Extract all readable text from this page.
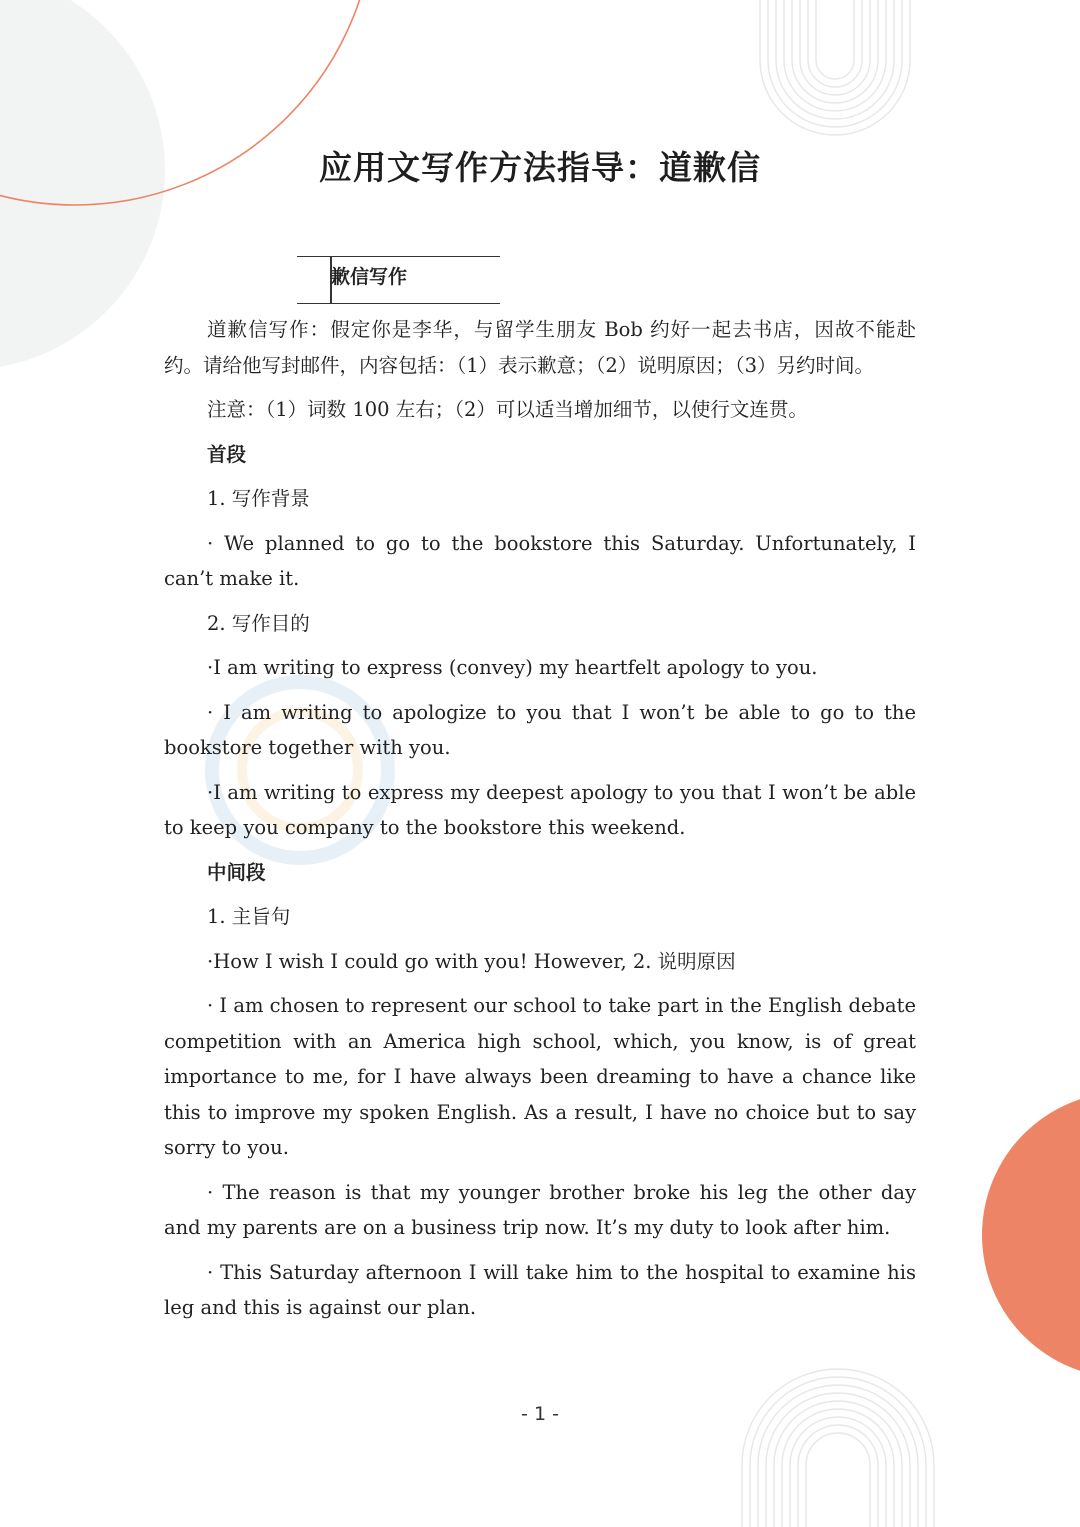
应用文写作方法指导：道歉信
歉信写作

道歉信写作：假定你是李华，与留学生朋友 Bob 约好一起去书店，因故不能赴约。请给他写封邮件，内容包括：（1）表示歉意；（2）说明原因；（3）另约时间。

注意：（1）词数 100 左右；（2）可以适当增加细节，以使行文连贯。

首段

1. 写作背景

· We planned to go to the bookstore this Saturday. Unfortunately, I can’t make it.

2. 写作目的

·I am writing to express (convey) my heartfelt apology to you.

· I am writing to apologize to you that I won’t be able to go to the bookstore together with you.

·I am writing to express my deepest apology to you that I won’t be able to keep you company to the bookstore this weekend.

中间段

1. 主旨句

·How I wish I could go with you! However, 2. 说明原因

· I am chosen to represent our school to take part in the English debate competition with an America high school, which, you know, is of great importance to me, for I have always been dreaming to have a chance like this to improve my spoken English. As a result, I have no choice but to say sorry to you.

· The reason is that my younger brother broke his leg the other day and my parents are on a business trip now. It’s my duty to look after him.

· This Saturday afternoon I will take him to the hospital to examine his leg and this is against our plan.

- 1 -
